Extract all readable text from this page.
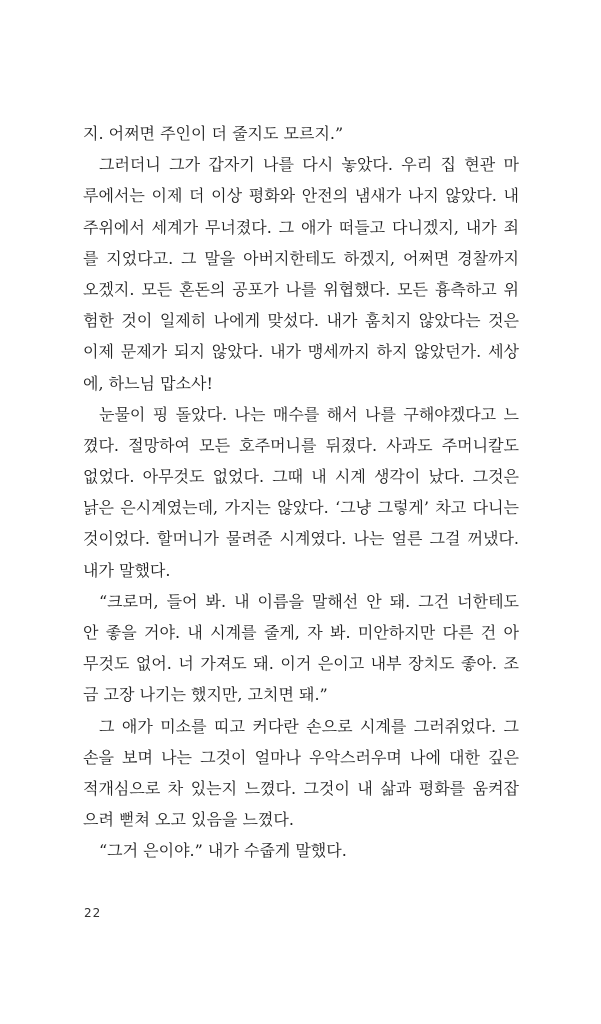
지. 어쩌면 주인이 더 줄지도 모르지.”
그러더니 그가 갑자기 나를 다시 놓았다. 우리 집 현관 마
루에서는 이제 더 이상 평화와 안전의 냄새가 나지 않았다. 내
주위에서 세계가 무너졌다. 그 애가 떠들고 다니겠지, 내가 죄
를 지었다고. 그 말을 아버지한테도 하겠지, 어쩌면 경찰까지
오겠지. 모든 혼돈의 공포가 나를 위협했다. 모든 흉측하고 위
험한 것이 일제히 나에게 맞섰다. 내가 훔치지 않았다는 것은
이제 문제가 되지 않았다. 내가 맹세까지 하지 않았던가. 세상
에, 하느님 맙소사!
눈물이 핑 돌았다. 나는 매수를 해서 나를 구해야겠다고 느
꼈다. 절망하여 모든 호주머니를 뒤졌다. 사과도 주머니칼도
없었다. 아무것도 없었다. 그때 내 시계 생각이 났다. 그것은
낡은 은시계였는데, 가지는 않았다. ‘그냥 그렇게’ 차고 다니는
것이었다. 할머니가 물려준 시계였다. 나는 얼른 그걸 꺼냈다.
내가 말했다.
“크로머, 들어 봐. 내 이름을 말해선 안 돼. 그건 너한테도
안 좋을 거야. 내 시계를 줄게, 자 봐. 미안하지만 다른 건 아
무것도 없어. 너 가져도 돼. 이거 은이고 내부 장치도 좋아. 조
금 고장 나기는 했지만, 고치면 돼.”
그 애가 미소를 띠고 커다란 손으로 시계를 그러쥐었다. 그
손을 보며 나는 그것이 얼마나 우악스러우며 나에 대한 깊은
적개심으로 차 있는지 느꼈다. 그것이 내 삶과 평화를 움켜잡
으려 뻗쳐 오고 있음을 느꼈다.
“그거 은이야.” 내가 수줍게 말했다.
22
